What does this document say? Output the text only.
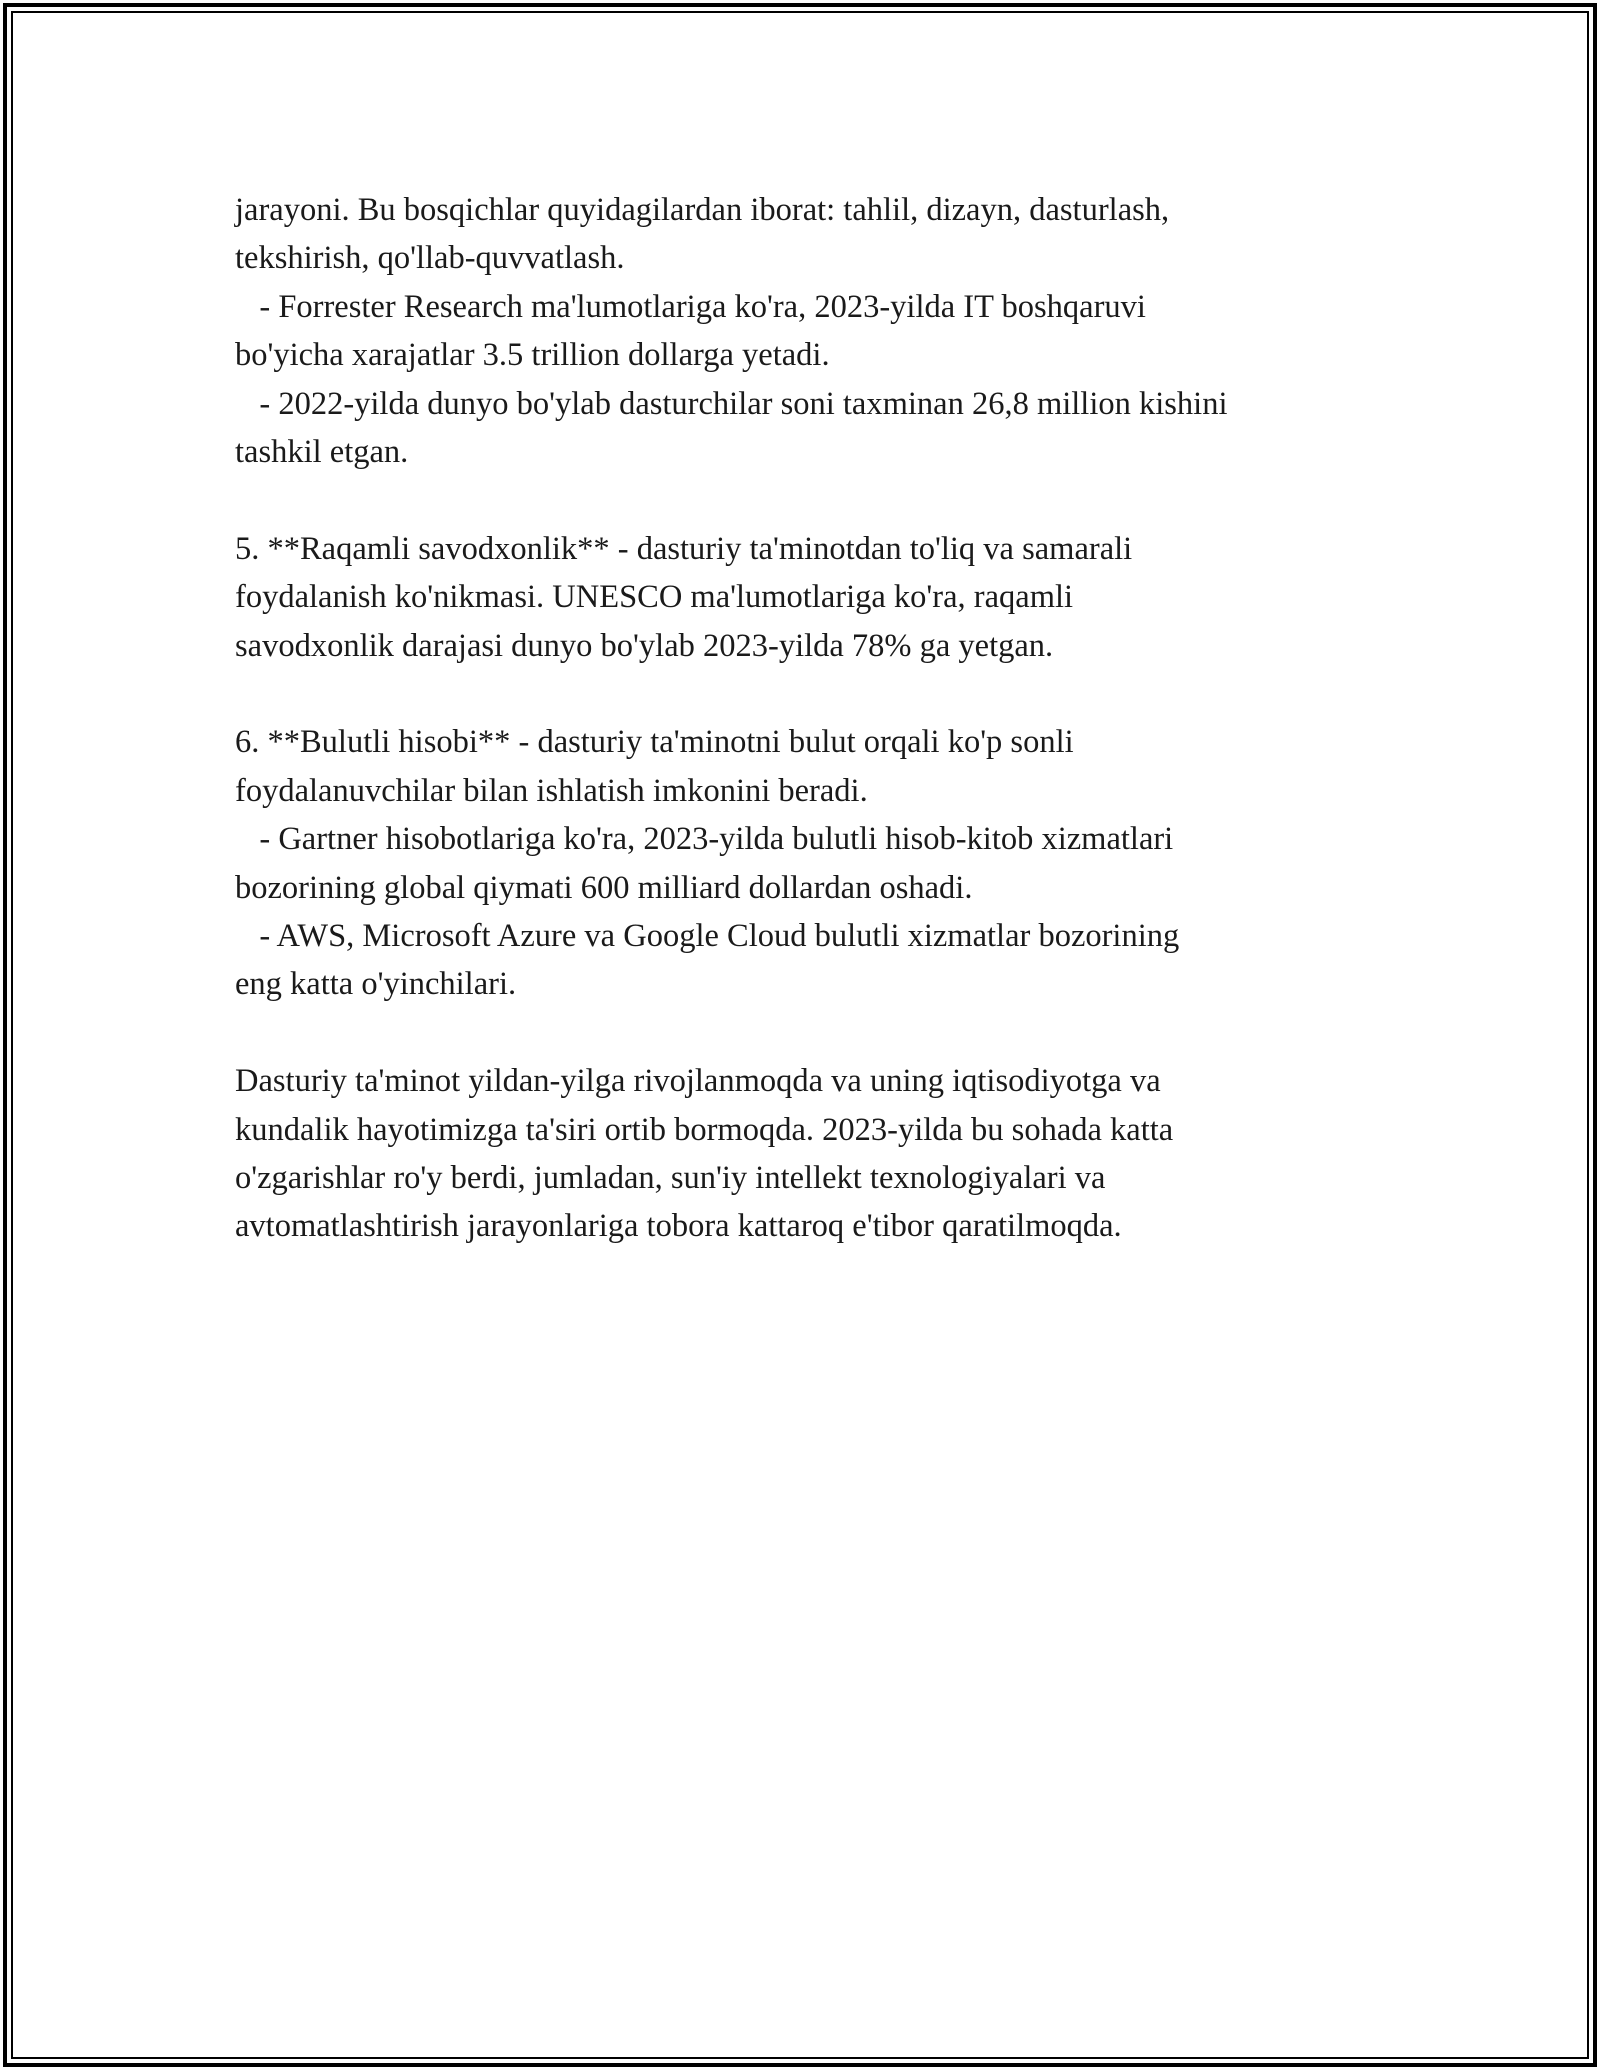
jarayoni. Bu bosqichlar quyidagilardan iborat: tahlil, dizayn, dasturlash,
tekshirish, qo'llab-quvvatlash.
- Forrester Research ma'lumotlariga ko'ra, 2023-yilda IT boshqaruvi
bo'yicha xarajatlar 3.5 trillion dollarga yetadi.
- 2022-yilda dunyo bo'ylab dasturchilar soni taxminan 26,8 million kishini
tashkil etgan.
5. **Raqamli savodxonlik** - dasturiy ta'minotdan to'liq va samarali
foydalanish ko'nikmasi. UNESCO ma'lumotlariga ko'ra, raqamli
savodxonlik darajasi dunyo bo'ylab 2023-yilda 78% ga yetgan.
6. **Bulutli hisobi** - dasturiy ta'minotni bulut orqali ko'p sonli
foydalanuvchilar bilan ishlatish imkonini beradi.
- Gartner hisobotlariga ko'ra, 2023-yilda bulutli hisob-kitob xizmatlari
bozorining global qiymati 600 milliard dollardan oshadi.
- AWS, Microsoft Azure va Google Cloud bulutli xizmatlar bozorining
eng katta o'yinchilari.
Dasturiy ta'minot yildan-yilga rivojlanmoqda va uning iqtisodiyotga va
kundalik hayotimizga ta'siri ortib bormoqda. 2023-yilda bu sohada katta
o'zgarishlar ro'y berdi, jumladan, sun'iy intellekt texnologiyalari va
avtomatlashtirish jarayonlariga tobora kattaroq e'tibor qaratilmoqda.
